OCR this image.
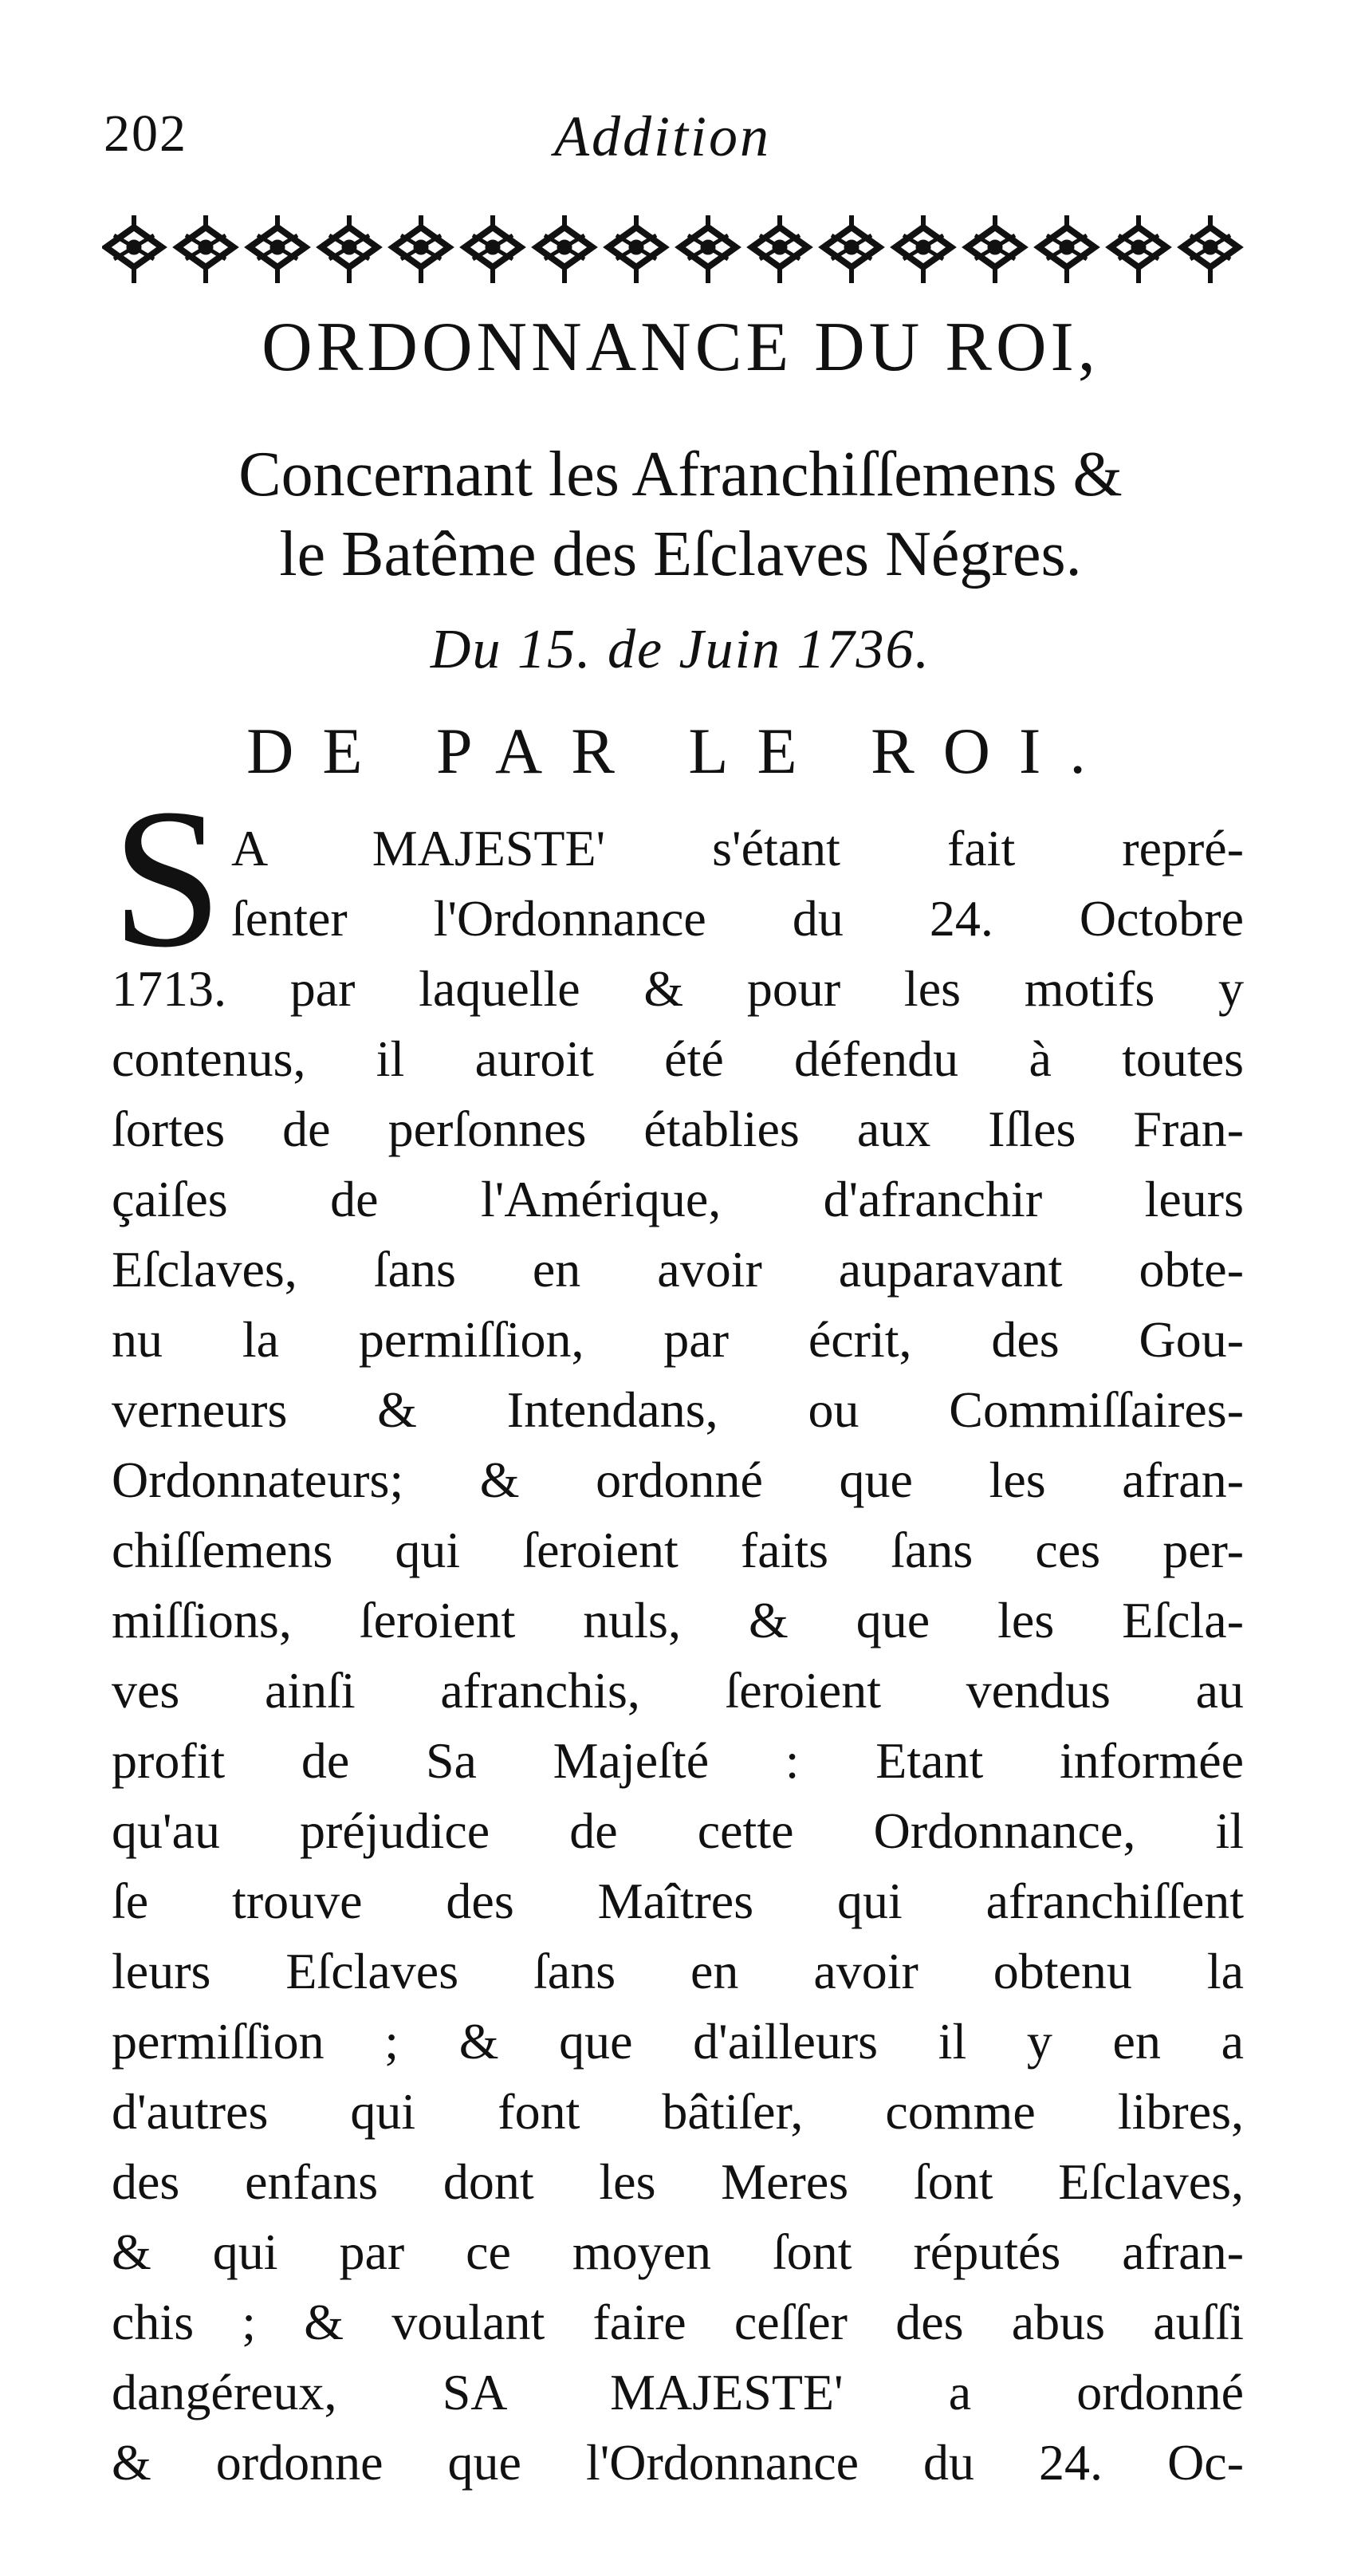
202	Addition
ORDONNANCE DU ROI,
Concernant les Afranchiſſemens &
le Batême des Eſclaves Négres.
Du 15. de Juin 1736.
DE PAR LE ROI.
S A MAJESTE' s'étant fait repré-
ſenter l'Ordonnance du 24. Octobre
1713. par laquelle & pour les motifs y
contenus, il auroit été défendu à toutes
ſortes de perſonnes établies aux Iſles Fran-
çaiſes de l'Amérique, d'afranchir leurs
Eſclaves, ſans en avoir auparavant obte-
nu la permiſſion, par écrit, des Gou-
verneurs & Intendans, ou Commiſſaires-
Ordonnateurs; & ordonné que les afran-
chiſſemens qui ſeroient faits ſans ces per-
miſſions, ſeroient nuls, & que les Eſcla-
ves ainſi afranchis, ſeroient vendus au
profit de Sa Majeſté : Etant informée
qu'au préjudice de cette Ordonnance, il
ſe trouve des Maîtres qui afranchiſſent
leurs Eſclaves ſans en avoir obtenu la
permiſſion ; & que d'ailleurs il y en a
d'autres qui font bâtiſer, comme libres,
des enfans dont les Meres ſont Eſclaves,
& qui par ce moyen ſont réputés afran-
chis ; & voulant faire ceſſer des abus auſſi
dangéreux, SA MAJESTE' a ordonné
& ordonne que l'Ordonnance du 24. Oc-
